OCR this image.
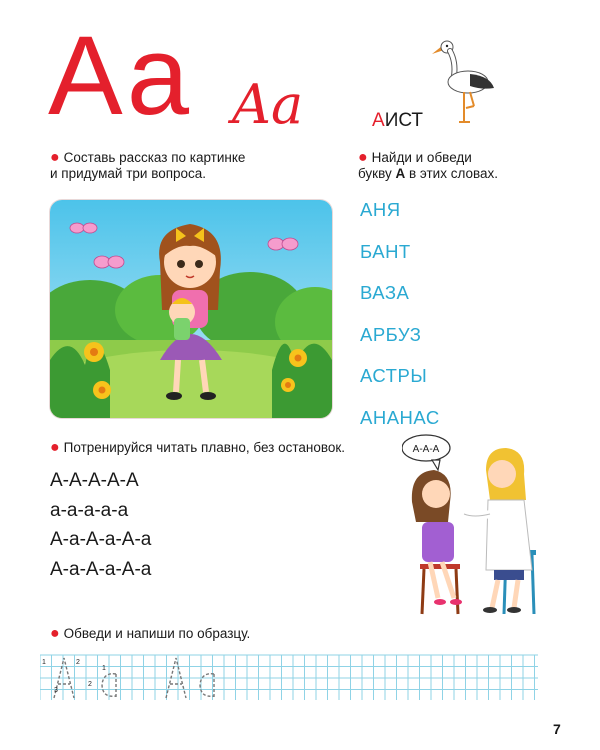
Aa Aa	АИСТ
● Составь рассказ по картинке
и придумай три вопроса.
● Найди и обведи
букву А в этих словах.
АНЯ
БАНТ
ВАЗА
АРБУЗ
АСТРЫ
АНАНАС
● Потренируйся читать плавно, без остановок.
А-А-А-А-А
а-а-а-а-а
А-а-А-а-А-а
А-а-А-а-А-а
А-А-А
● Обведи и напиши по образцу.
1	2
3
1
2
7
